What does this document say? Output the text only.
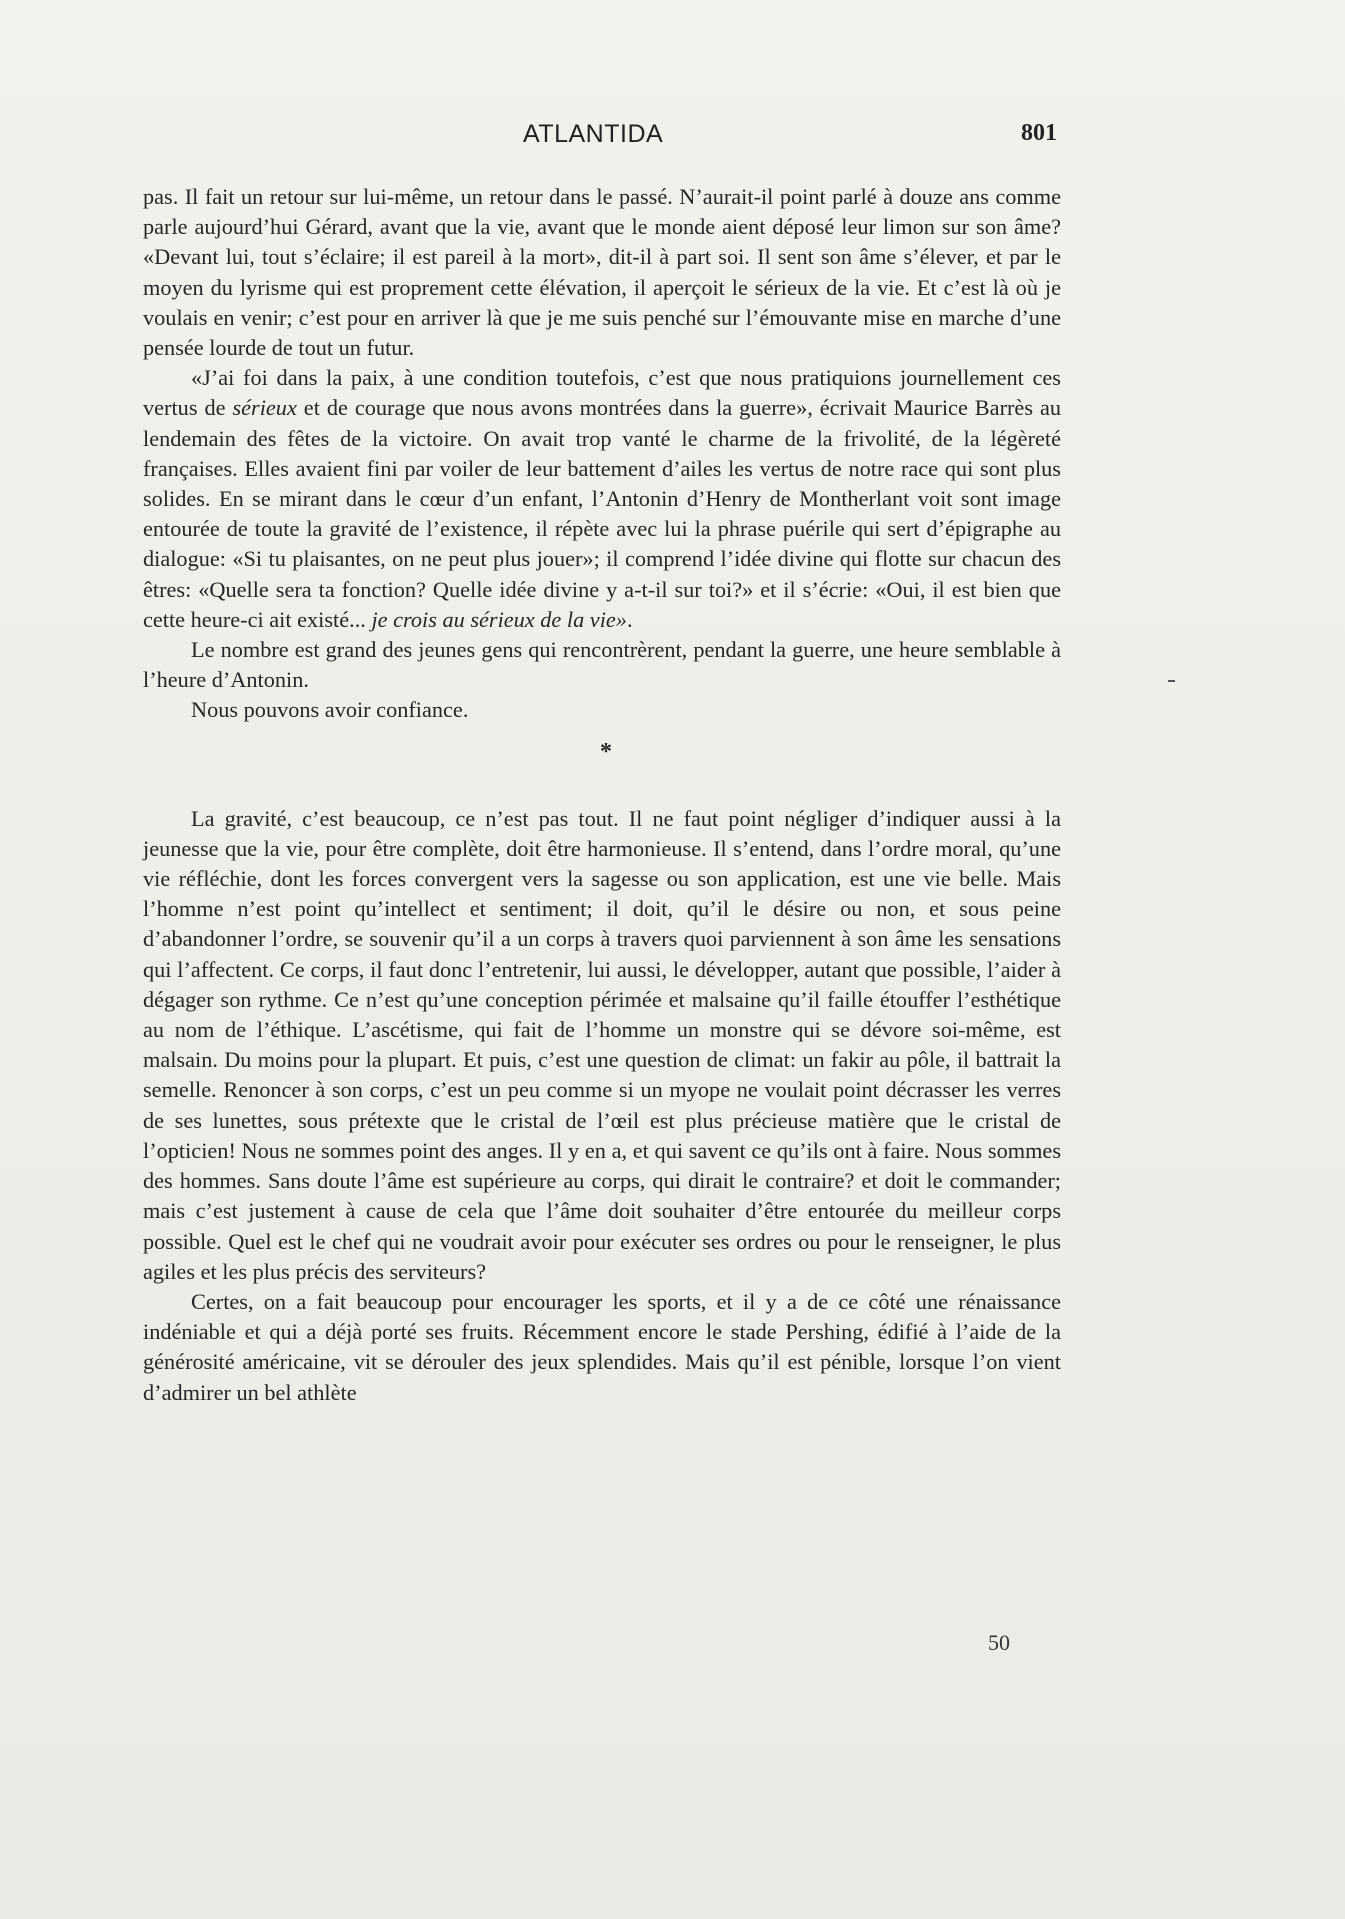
ATLANTIDA	801

pas. Il fait un retour sur lui-même, un retour dans le passé. N’aurait-il point parlé à douze ans comme parle aujourd’hui Gérard, avant que la vie, avant que le monde aient déposé leur limon sur son âme? «Devant lui, tout s’éclaire; il est pareil à la mort», dit-il à part soi. Il sent son âme s’élever, et par le moyen du lyrisme qui est proprement cette élévation, il aperçoit le sérieux de la vie. Et c’est là où je voulais en venir; c’est pour en arriver là que je me suis penché sur l’émouvante mise en marche d’une pensée lourde de tout un futur.

«J’ai foi dans la paix, à une condition toutefois, c’est que nous pratiquions journellement ces vertus de sérieux et de courage que nous avons montrées dans la guerre», écrivait Maurice Barrès au lendemain des fêtes de la victoire. On avait trop vanté le charme de la frivolité, de la légèreté françaises. Elles avaient fini par voiler de leur battement d’ailes les vertus de notre race qui sont plus solides. En se mirant dans le cœur d’un enfant, l’Antonin d’Henry de Montherlant voit sont image entourée de toute la gravité de l’existence, il répète avec lui la phrase puérile qui sert d’épigraphe au dialogue: «Si tu plaisantes, on ne peut plus jouer»; il comprend l’idée divine qui flotte sur chacun des êtres: «Quelle sera ta fonction? Quelle idée divine y a-t-il sur toi?» et il s’écrie: «Oui, il est bien que cette heure-ci ait existé... je crois au sérieux de la vie».

Le nombre est grand des jeunes gens qui rencontrèrent, pendant la guerre, une heure semblable à l’heure d’Antonin.

Nous pouvons avoir confiance.

*

La gravité, c’est beaucoup, ce n’est pas tout. Il ne faut point négliger d’indiquer aussi à la jeunesse que la vie, pour être complète, doit être harmonieuse. Il s’entend, dans l’ordre moral, qu’une vie réfléchie, dont les forces convergent vers la sagesse ou son application, est une vie belle. Mais l’homme n’est point qu’intellect et sentiment; il doit, qu’il le désire ou non, et sous peine d’abandonner l’ordre, se souvenir qu’il a un corps à travers quoi parviennent à son âme les sensations qui l’affectent. Ce corps, il faut donc l’entretenir, lui aussi, le développer, autant que possible, l’aider à dégager son rythme. Ce n’est qu’une conception périmée et malsaine qu’il faille étouffer l’esthétique au nom de l’éthique. L’ascétisme, qui fait de l’homme un monstre qui se dévore soi-même, est malsain. Du moins pour la plupart. Et puis, c’est une question de climat: un fakir au pôle, il battrait la semelle. Renoncer à son corps, c’est un peu comme si un myope ne voulait point décrasser les verres de ses lunettes, sous prétexte que le cristal de l’œil est plus précieuse matière que le cristal de l’opticien! Nous ne sommes point des anges. Il y en a, et qui savent ce qu’ils ont à faire. Nous sommes des hommes. Sans doute l’âme est supérieure au corps, qui dirait le contraire? et doit le commander; mais c’est justement à cause de cela que l’âme doit souhaiter d’être entourée du meilleur corps possible. Quel est le chef qui ne voudrait avoir pour exécuter ses ordres ou pour le renseigner, le plus agiles et les plus précis des serviteurs?

Certes, on a fait beaucoup pour encourager les sports, et il y a de ce côté une rénaissance indéniable et qui a déjà porté ses fruits. Récemment encore le stade Pershing, édifié à l’aide de la générosité américaine, vit se dérouler des jeux splendides. Mais qu’il est pénible, lorsque l’on vient d’admirer un bel athlète

50
